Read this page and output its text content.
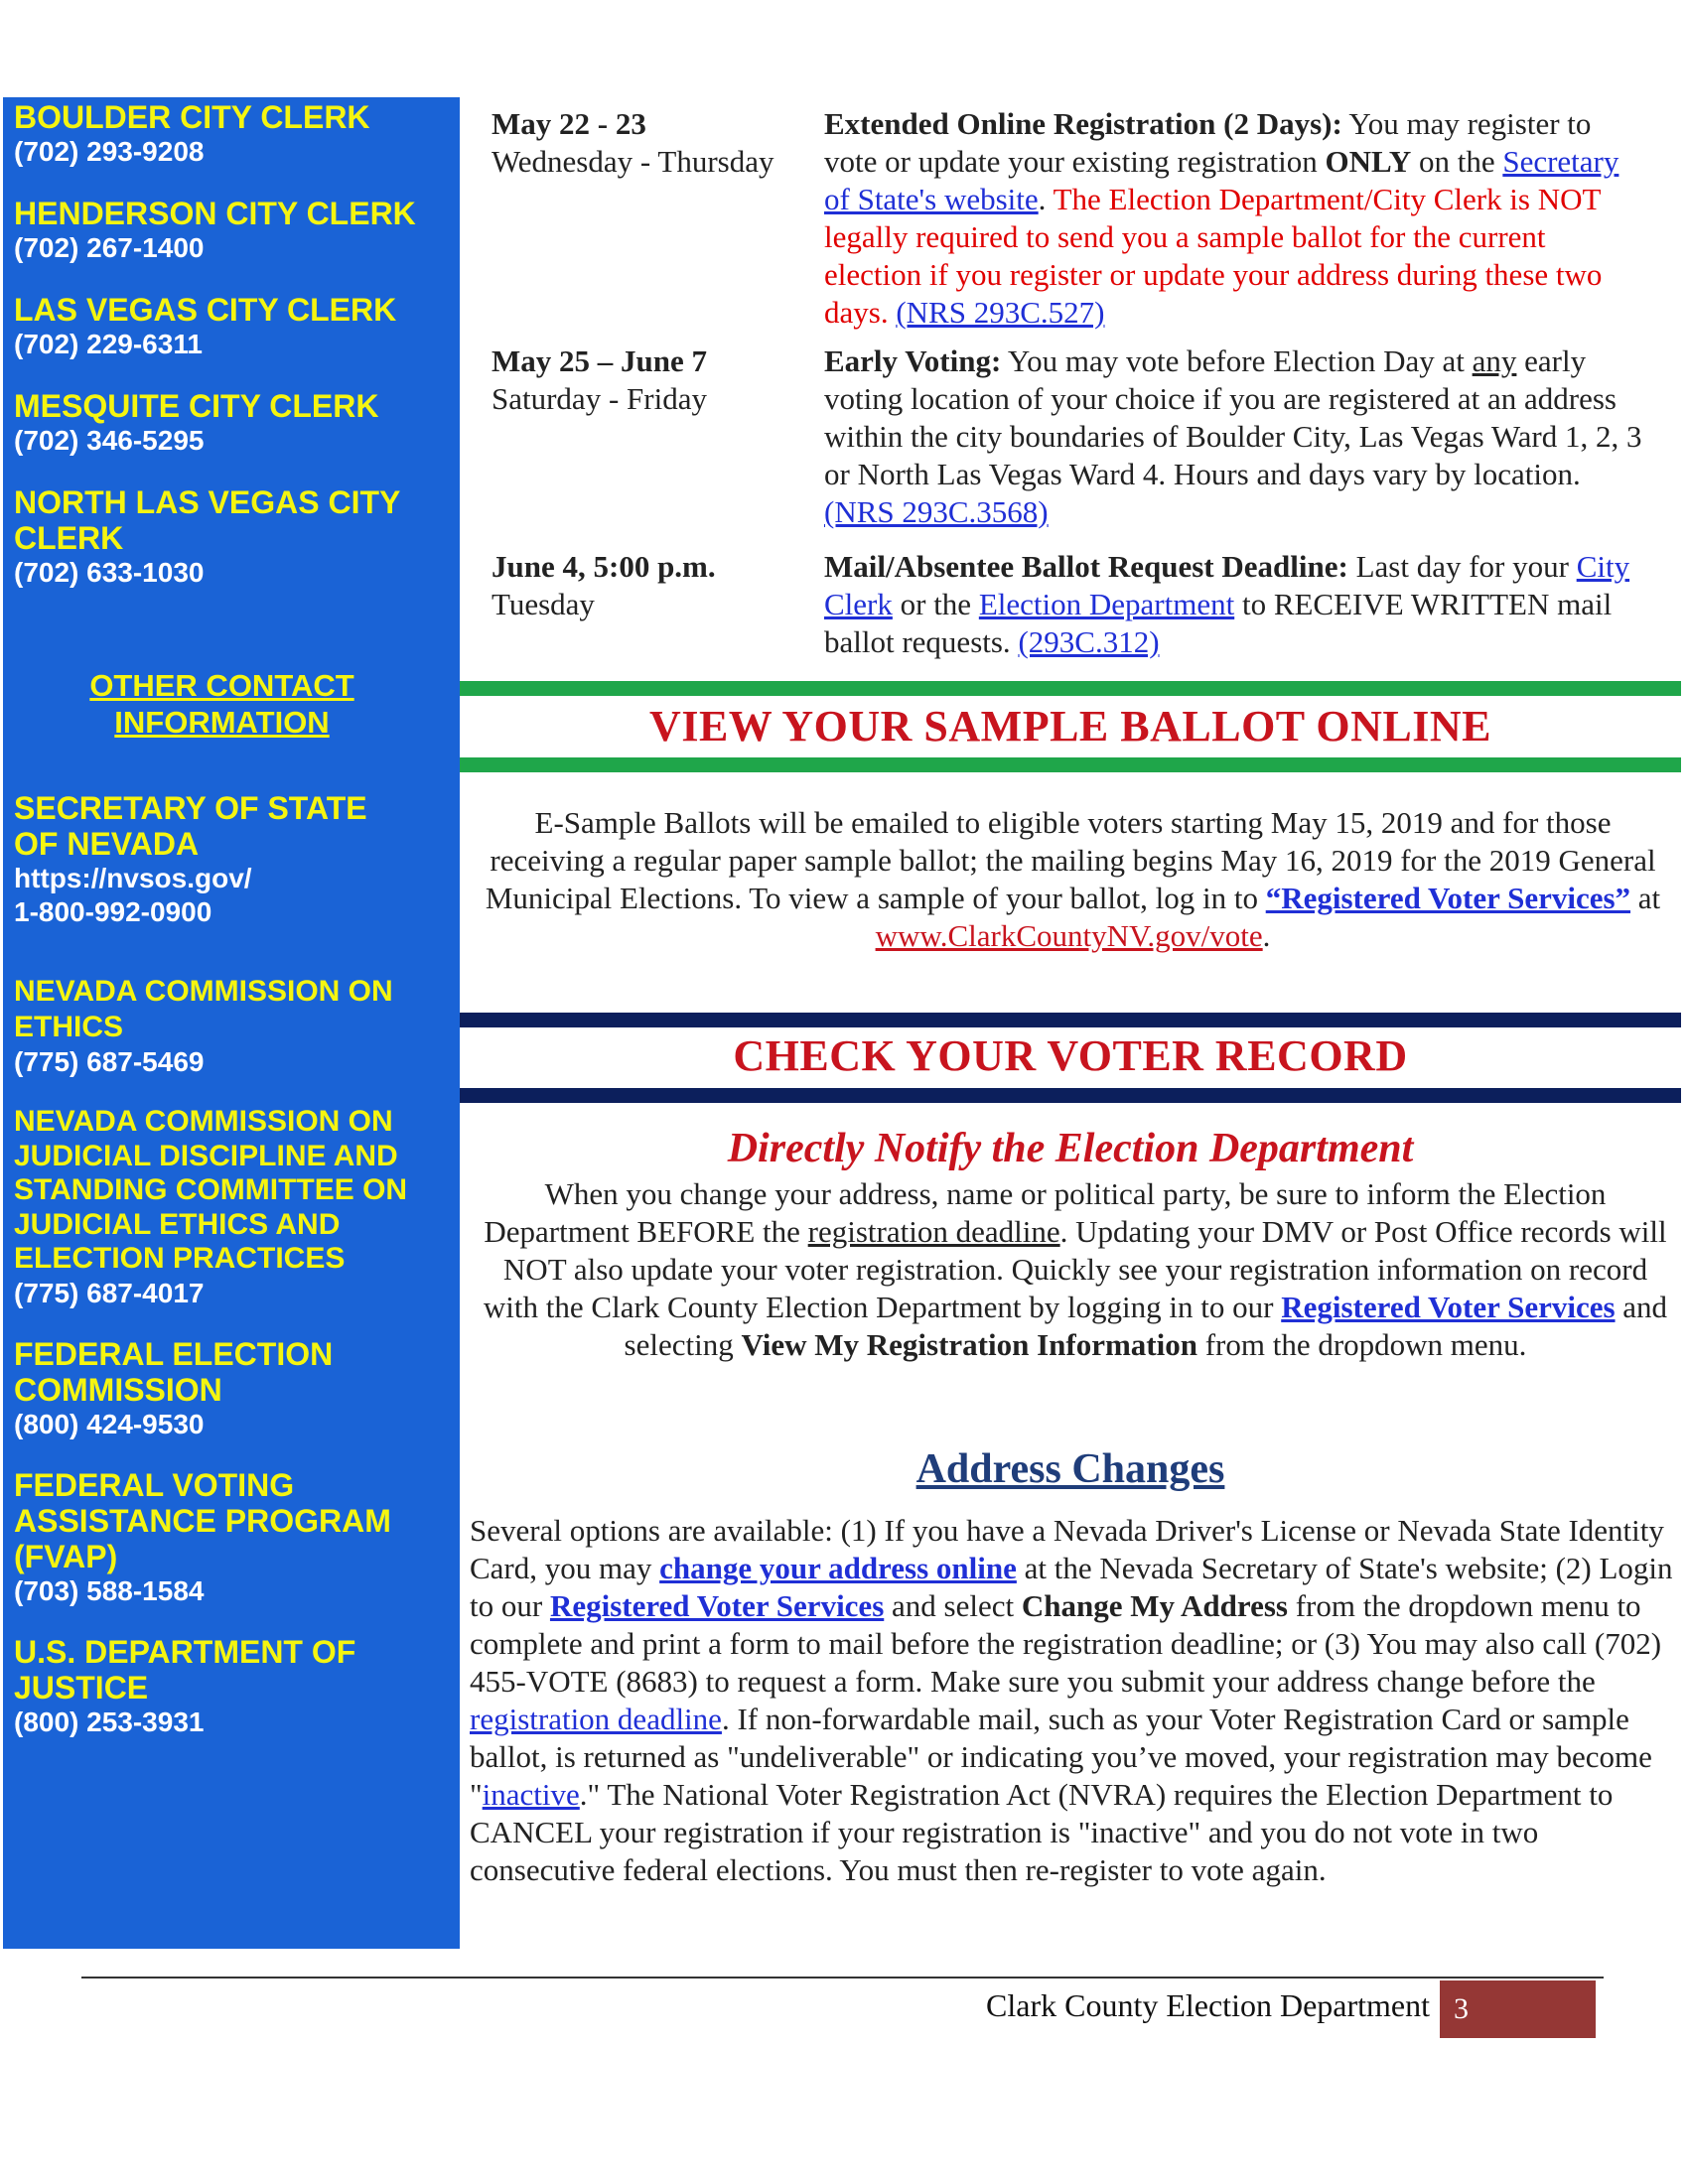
BOULDER CITY CLERK
(702) 293-9208
HENDERSON CITY CLERK
(702) 267-1400
LAS VEGAS CITY CLERK
(702) 229-6311
MESQUITE CITY CLERK
(702) 346-5295
NORTH LAS VEGAS CITY CLERK
(702) 633-1030
OTHER CONTACT INFORMATION
SECRETARY OF STATE OF NEVADA
https://nvsos.gov/
1-800-992-0900
NEVADA COMMISSION ON ETHICS
(775) 687-5469
NEVADA COMMISSION ON JUDICIAL DISCIPLINE AND STANDING COMMITTEE ON JUDICIAL ETHICS AND ELECTION PRACTICES
(775) 687-4017
FEDERAL ELECTION COMMISSION
(800) 424-9530
FEDERAL VOTING ASSISTANCE PROGRAM (FVAP)
(703) 588-1584
U.S. DEPARTMENT OF JUSTICE
(800) 253-3931
May 22 - 23
Wednesday - Thursday
Extended Online Registration (2 Days): You may register to vote or update your existing registration ONLY on the Secretary of State's website. The Election Department/City Clerk is NOT legally required to send you a sample ballot for the current election if you register or update your address during these two days. (NRS 293C.527)
May 25 – June 7
Saturday - Friday
Early Voting: You may vote before Election Day at any early voting location of your choice if you are registered at an address within the city boundaries of Boulder City, Las Vegas Ward 1, 2, 3 or North Las Vegas Ward 4. Hours and days vary by location. (NRS 293C.3568)
June 4, 5:00 p.m.
Tuesday
Mail/Absentee Ballot Request Deadline: Last day for your City Clerk or the Election Department to RECEIVE WRITTEN mail ballot requests. (293C.312)
VIEW YOUR SAMPLE BALLOT ONLINE
E-Sample Ballots will be emailed to eligible voters starting May 15, 2019 and for those receiving a regular paper sample ballot; the mailing begins May 16, 2019 for the 2019 General Municipal Elections. To view a sample of your ballot, log in to “Registered Voter Services” at www.ClarkCountyNV.gov/vote.
CHECK YOUR VOTER RECORD
Directly Notify the Election Department
When you change your address, name or political party, be sure to inform the Election Department BEFORE the registration deadline. Updating your DMV or Post Office records will NOT also update your voter registration. Quickly see your registration information on record with the Clark County Election Department by logging in to our Registered Voter Services and selecting View My Registration Information from the dropdown menu.
Address Changes
Several options are available: (1) If you have a Nevada Driver's License or Nevada State Identity Card, you may change your address online at the Nevada Secretary of State's website; (2) Login to our Registered Voter Services and select Change My Address from the dropdown menu to complete and print a form to mail before the registration deadline; or (3) You may also call (702) 455-VOTE (8683) to request a form. Make sure you submit your address change before the registration deadline. If non-forwardable mail, such as your Voter Registration Card or sample ballot, is returned as "undeliverable" or indicating you’ve moved, your registration may become "inactive." The National Voter Registration Act (NVRA) requires the Election Department to CANCEL your registration if your registration is "inactive" and you do not vote in two consecutive federal elections. You must then re-register to vote again.
Clark County Election Department 3
